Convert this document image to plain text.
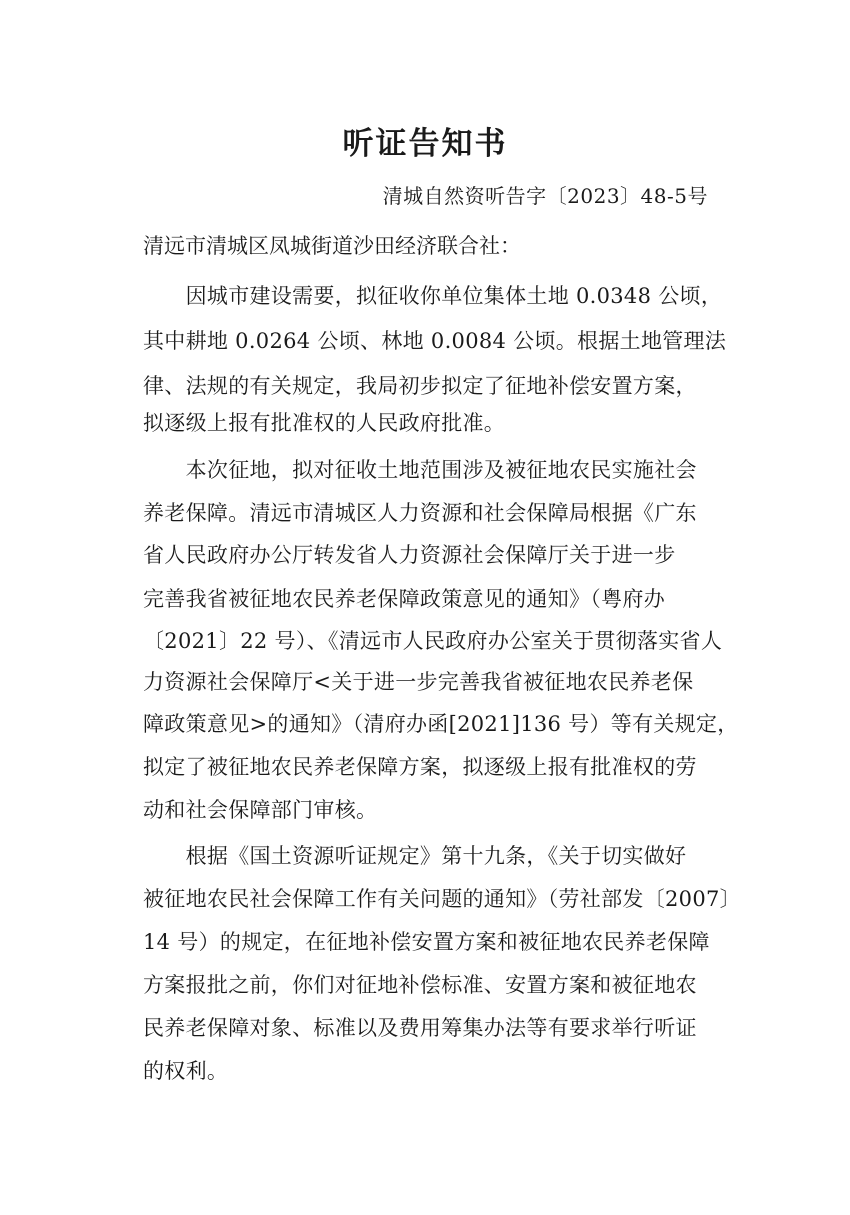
听证告知书
清城自然资听告字〔2023〕48-5号
清远市清城区凤城街道沙田经济联合社：
　　因城市建设需要，拟征收你单位集体土地 0.0348 公顷，
其中耕地 0.0264 公顷、林地 0.0084 公顷。根据土地管理法
律、法规的有关规定，我局初步拟定了征地补偿安置方案，
拟逐级上报有批准权的人民政府批准。
　　本次征地，拟对征收土地范围涉及被征地农民实施社会
养老保障。清远市清城区人力资源和社会保障局根据《广东
省人民政府办公厅转发省人力资源社会保障厅关于进一步
完善我省被征地农民养老保障政策意见的通知》（粤府办
〔2021〕22 号）、《清远市人民政府办公室关于贯彻落实省人
力资源社会保障厅<关于进一步完善我省被征地农民养老保
障政策意见>的通知》（清府办函[2021]136 号）等有关规定，
拟定了被征地农民养老保障方案，拟逐级上报有批准权的劳
动和社会保障部门审核。
　　根据《国土资源听证规定》第十九条，《关于切实做好
被征地农民社会保障工作有关问题的通知》（劳社部发〔2007〕
14 号）的规定，在征地补偿安置方案和被征地农民养老保障
方案报批之前，你们对征地补偿标准、安置方案和被征地农
民养老保障对象、标准以及费用筹集办法等有要求举行听证
的权利。
